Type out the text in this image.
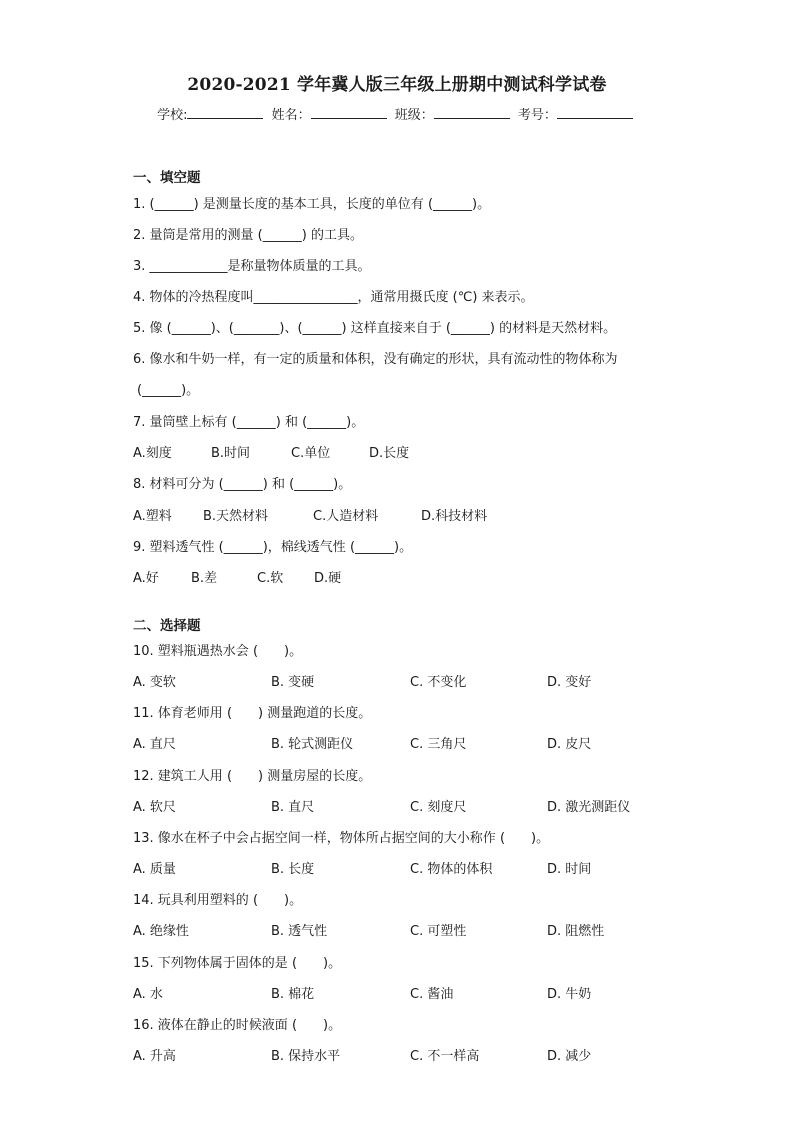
2020-2021 学年冀人版三年级上册期中测试科学试卷
学校:	姓名：	班级：	考号：
一、填空题
1. (______) 是测量长度的基本工具，长度的单位有 (______)。
2. 量筒是常用的测量 (______) 的工具。
3. ____________是称量物体质量的工具。
4. 物体的冷热程度叫________________，通常用摄氏度 (℃) 来表示。
5. 像 (______)、(_______)、(______) 这样直接来自于 (______) 的材料是天然材料。
6. 像水和牛奶一样，有一定的质量和体积，没有确定的形状，具有流动性的物体称为
(______)。
7. 量筒壁上标有 (______) 和 (______)。
A.刻度	B.时间	C.单位	D.长度
8. 材料可分为 (______) 和 (______)。
A.塑料 B.天然材料	C.人造材料	D.科技材料
9. 塑料透气性 (______)，棉线透气性 (______)。
A.好 B.差	C.软 D.硬
二、选择题
10. 塑料瓶遇热水会 (　　)。
A. 变软	B. 变硬	C. 不变化	D. 变好
11. 体育老师用 (　　) 测量跑道的长度。
A. 直尺	B. 轮式测距仪	C. 三角尺	D. 皮尺
12. 建筑工人用 (　　) 测量房屋的长度。
A. 软尺	B. 直尺	C. 刻度尺	D. 激光测距仪
13. 像水在杯子中会占据空间一样，物体所占据空间的大小称作 (　　)。
A. 质量	B. 长度	C. 物体的体积	D. 时间
14. 玩具利用塑料的 (　　)。
A. 绝缘性	B. 透气性	C. 可塑性	D. 阻燃性
15. 下列物体属于固体的是 (　　)。
A. 水	B. 棉花	C. 酱油	D. 牛奶
16. 液体在静止的时候液面 (　　)。
A. 升高	B. 保持水平	C. 不一样高	D. 减少
